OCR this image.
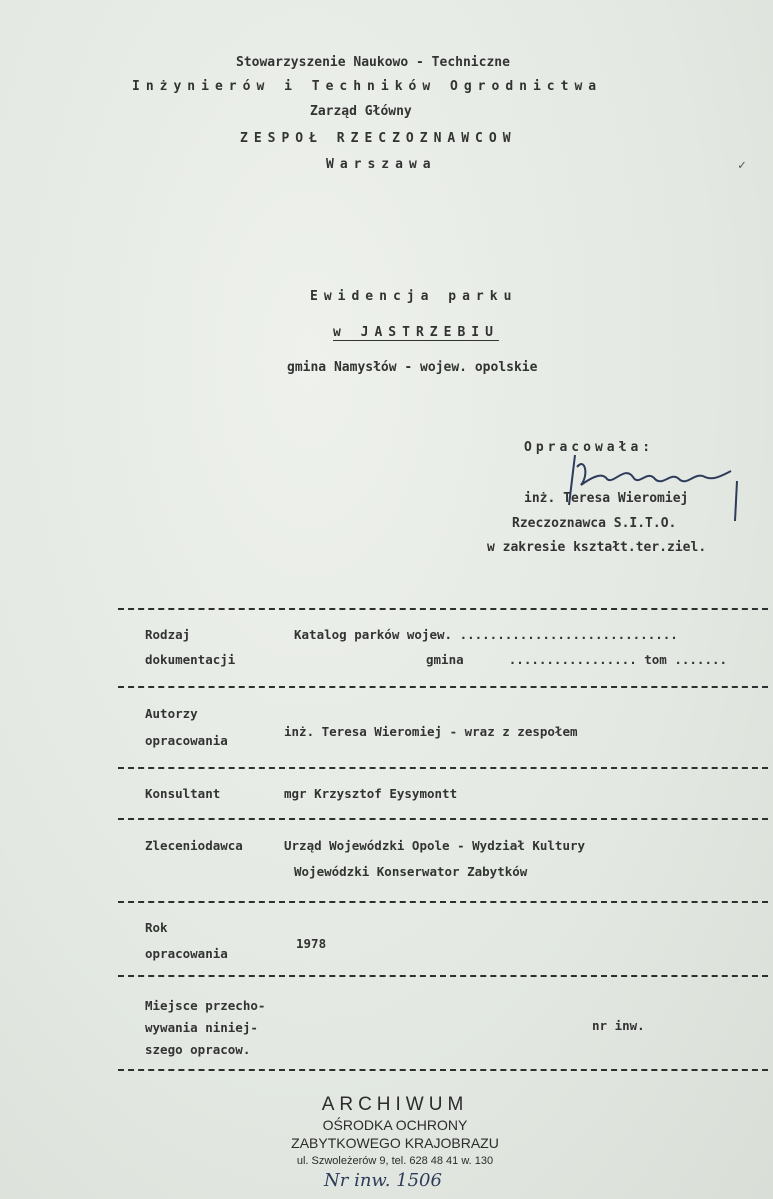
Stowarzyszenie Naukowo - Techniczne
Inżynierów i Techników Ogrodnictwa
Zarząd Główny
ZESPOŁ RZECZOZNAWCOW
Warszawa
Ewidencja parku
w JASTRZEBIU
gmina Namysłów - wojew. opolskie
Opracowała:
inż. Teresa Wieromiej
Rzeczoznawca S.I.T.O.
w zakresie kształt.ter.ziel.
Rodzaj
dokumentacji
Katalog parków wojew. .............................
gmina      ................. tom .......
Autorzy
opracowania
inż. Teresa Wieromiej - wraz z zespołem
Konsultant	mgr Krzysztof Eysymontt
Zleceniodawca	Urząd Wojewódzki Opole - Wydział Kultury
Wojewódzki Konserwator Zabytków
Rok
opracowania
1978
Miejsce przecho-
wywania niniej-
szego opracow.
nr inw.
ARCHIWUM
OŚRODKA OCHRONY
ZABYTKOWEGO KRAJOBRAZU
ul. Szwoleżerów 9, tel. 628 48 41 w. 130
Nr inw. 1506
✓
